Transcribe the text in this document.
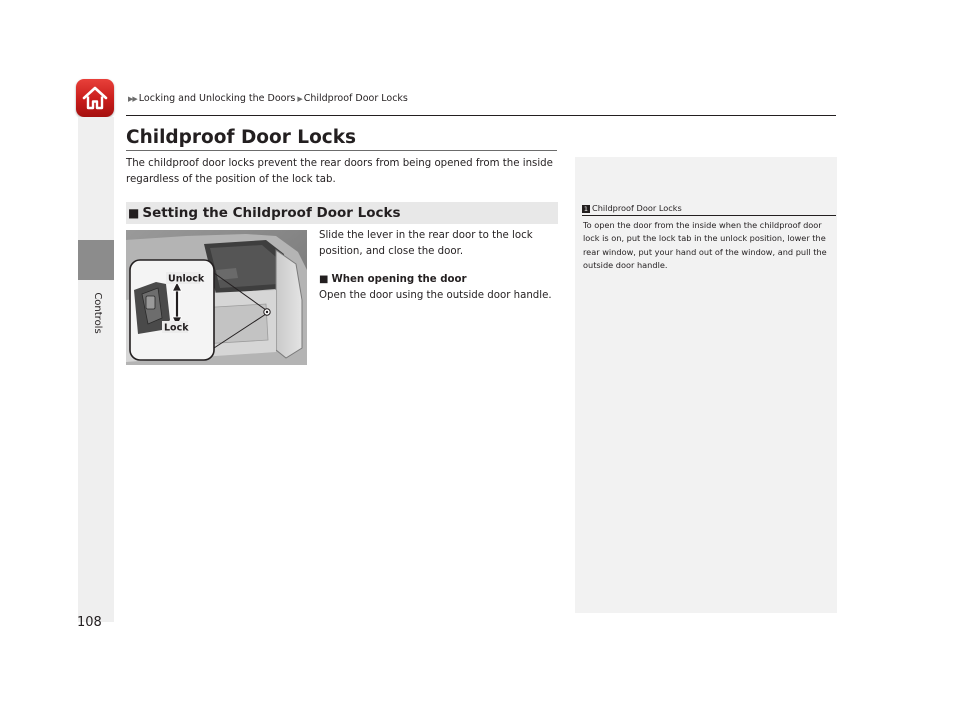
▶▶ Locking and Unlocking the Doors ▶ Childproof Door Locks
Controls
Childproof Door Locks
The childproof door locks prevent the rear doors from being opened from the inside regardless of the position of the lock tab.
■ Setting the Childproof Door Locks
Unlock
Lock
Slide the lever in the rear door to the lock position, and close the door.
■ When opening the door
Open the door using the outside door handle.
1 Childproof Door Locks
To open the door from the inside when the childproof door lock is on, put the lock tab in the unlock position, lower the rear window, put your hand out of the window, and pull the outside door handle.
108
